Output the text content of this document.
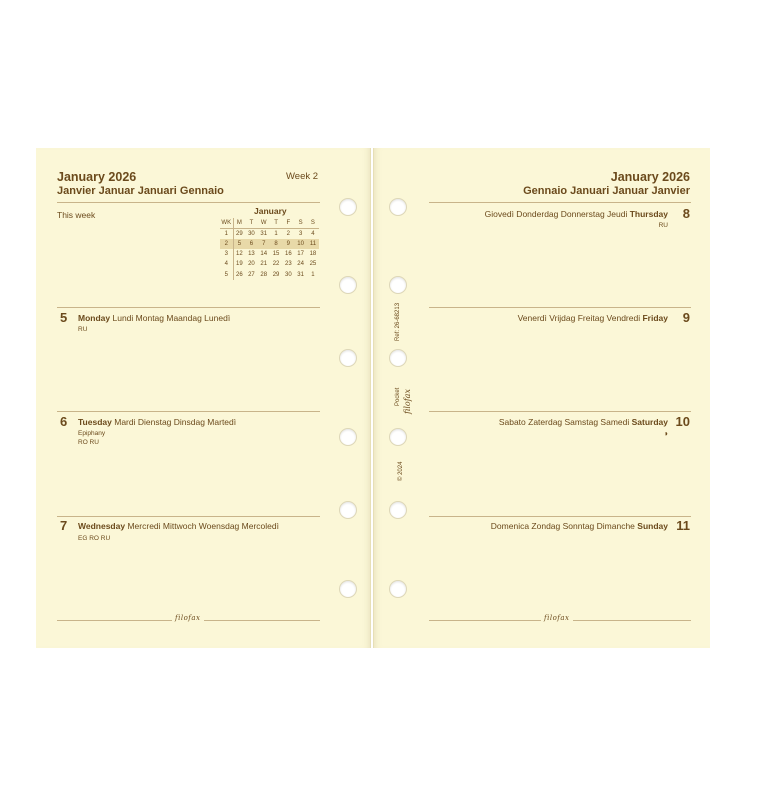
January 2026
Janvier Januar Januari Gennaio
Week 2
This week	January
WK	M	T	W	T	F	S	S
1	29	30	31	1	2	3	4
2	5	6	7	8	9	10	11
3	12	13	14	15	16	17	18
4	19	20	21	22	23	24	25
5	26	27	28	29	30	31	1
5 Monday Lundi Montag Maandag Lunedì
RU
6 Tuesday Mardi Dienstag Dinsdag Martedì
Epiphany
RO RU
7 Wednesday Mercredi Mittwoch Woensdag Mercoledì
EG RO RU
filofax
January 2026
Gennaio Januari Januar Janvier
Giovedì Donderdag Donnerstag Jeudi Thursday 8
RU
Venerdì Vrijdag Freitag Vendredi Friday 9
Sabato Zaterdag Samstag Samedi Saturday 10
◑
Domenica Zondag Sonntag Dimanche Sunday 11
filofax
Ref: 26-68213
Pocket filofax
© 2024
